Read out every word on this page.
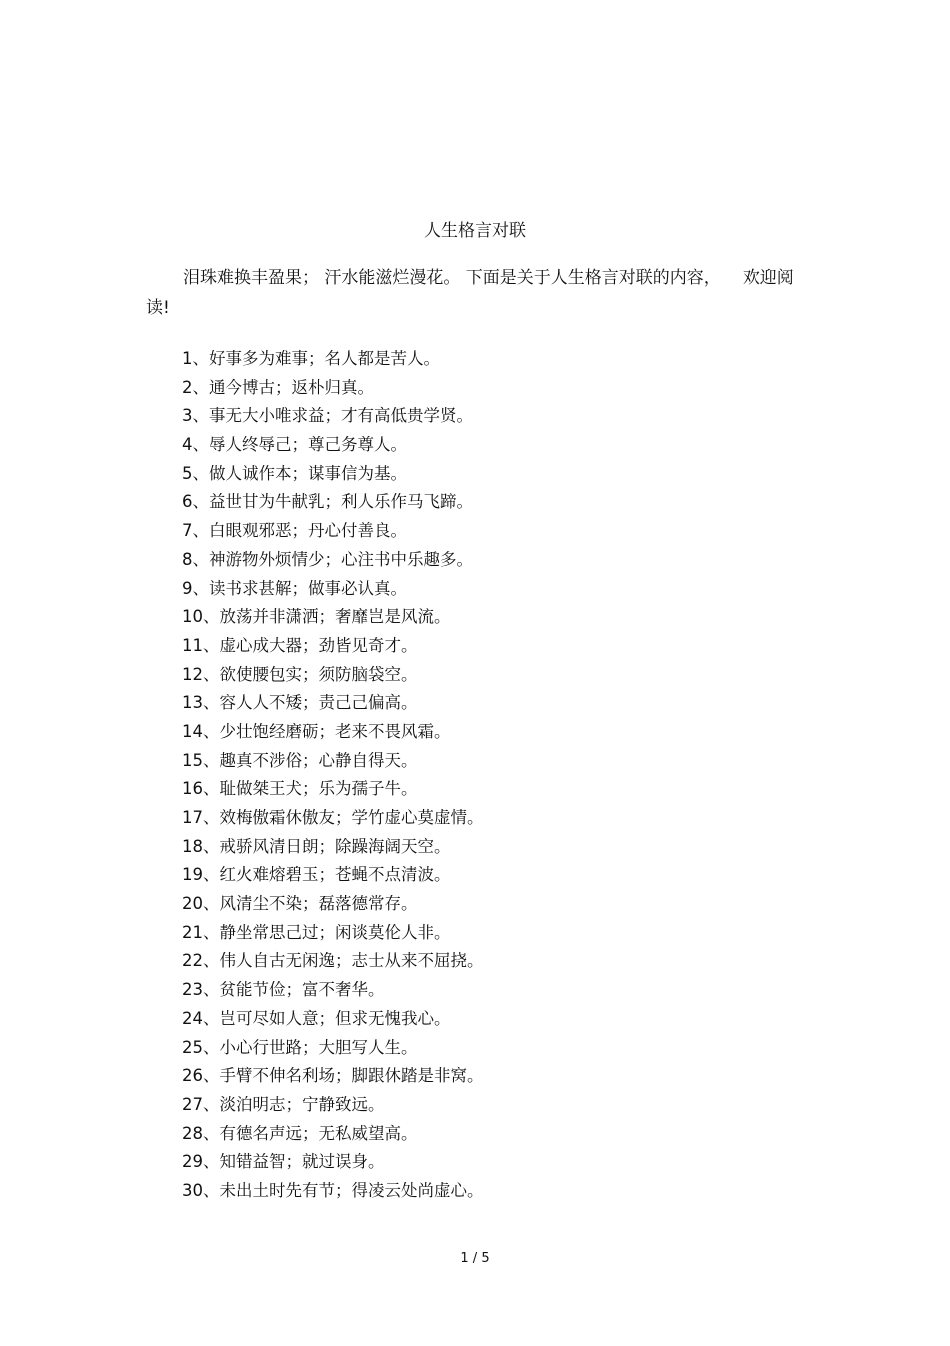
人生格言对联

泪珠难换丰盈果； 汗水能滋烂漫花。 下面是关于人生格言对联的内容， 欢迎阅读!

1、好事多为难事；名人都是苦人。
2、通今博古；返朴归真。
3、事无大小唯求益；才有高低贵学贤。
4、辱人终辱己；尊己务尊人。
5、做人诚作本；谋事信为基。
6、益世甘为牛献乳；利人乐作马飞蹄。
7、白眼观邪恶；丹心付善良。
8、神游物外烦情少；心注书中乐趣多。
9、读书求甚解；做事必认真。
10、放荡并非潇洒；奢靡岂是风流。
11、虚心成大器；劲皆见奇才。
12、欲使腰包实；须防脑袋空。
13、容人人不矮；责己己偏高。
14、少壮饱经磨砺；老来不畏风霜。
15、趣真不涉俗；心静自得天。
16、耻做桀王犬；乐为孺子牛。
17、效梅傲霜休傲友；学竹虚心莫虚情。
18、戒骄风清日朗；除躁海阔天空。
19、红火难熔碧玉；苍蝇不点清波。
20、风清尘不染；磊落德常存。
21、静坐常思己过；闲谈莫伦人非。
22、伟人自古无闲逸；志士从来不屈挠。
23、贫能节俭；富不奢华。
24、岂可尽如人意；但求无愧我心。
25、小心行世路；大胆写人生。
26、手臂不伸名利场；脚跟休踏是非窝。
27、淡泊明志；宁静致远。
28、有德名声远；无私威望高。
29、知错益智；就过误身。
30、未出土时先有节；得凌云处尚虚心。
1 / 5
